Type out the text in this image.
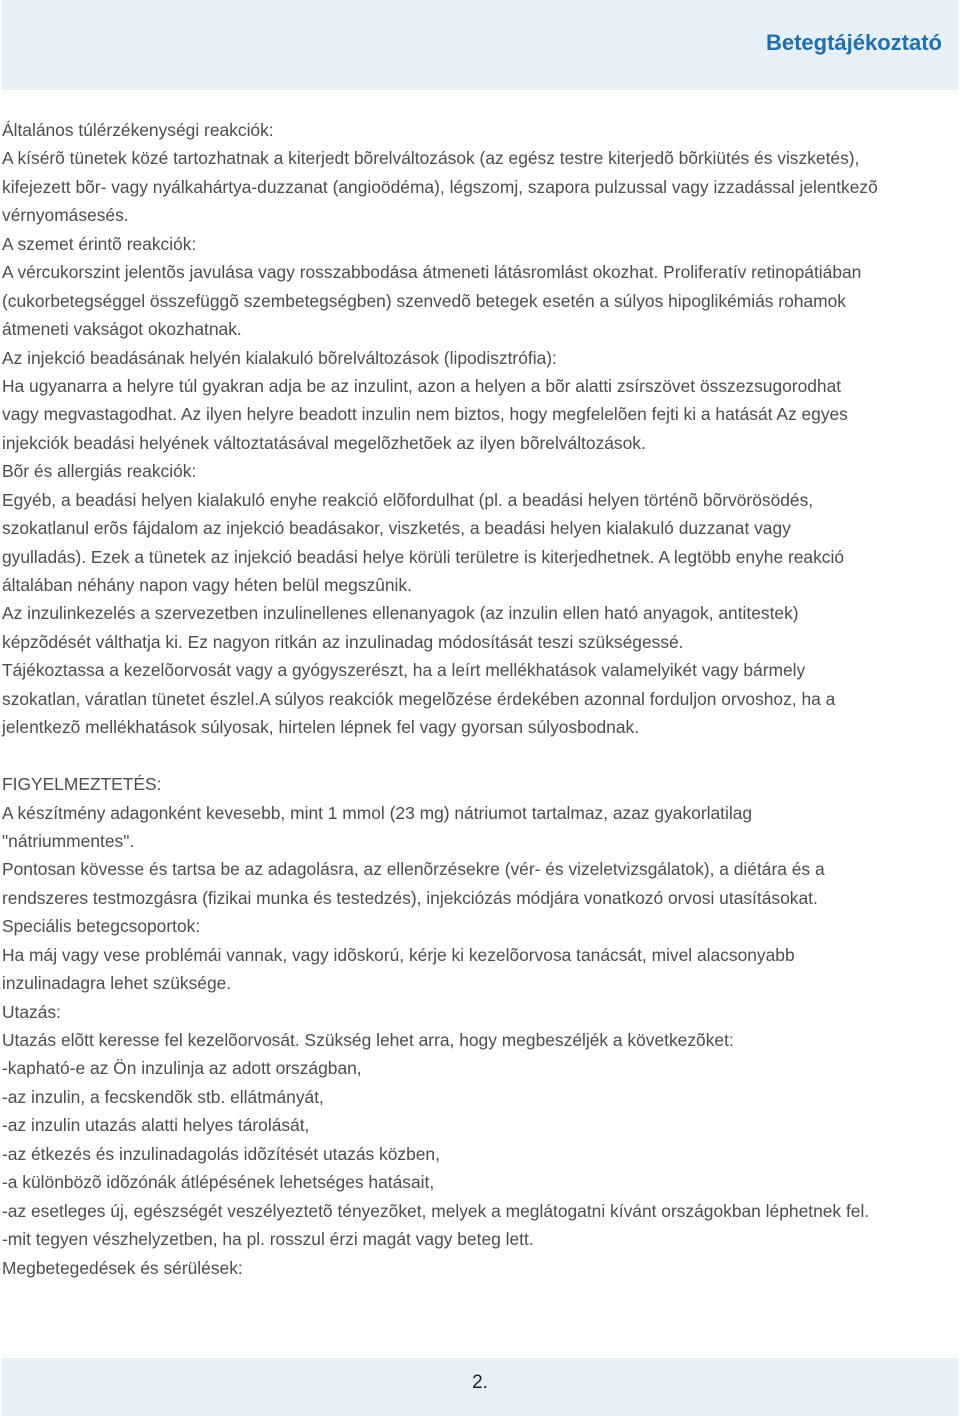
Betegtájékoztató
Általános túlérzékenységi reakciók:
A kísérõ tünetek közé tartozhatnak a kiterjedt bõrelváltozások (az egész testre kiterjedõ bõrkiütés és viszketés),
kifejezett bõr- vagy nyálkahártya-duzzanat (angioödéma), légszomj, szapora pulzussal vagy izzadással jelentkezõ
vérnyomásesés.
A szemet érintõ reakciók:
A vércukorszint jelentõs javulása vagy rosszabbodása átmeneti látásromlást okozhat. Proliferatív retinopátiában
(cukorbetegséggel összefüggõ szembetegségben) szenvedõ betegek esetén a súlyos hipoglikémiás rohamok
átmeneti vakságot okozhatnak.
Az injekció beadásának helyén kialakuló bõrelváltozások (lipodisztrófia):
Ha ugyanarra a helyre túl gyakran adja be az inzulint, azon a helyen a bõr alatti zsírszövet összezsugorodhat
vagy megvastagodhat. Az ilyen helyre beadott inzulin nem biztos, hogy megfelelõen fejti ki a hatását Az egyes
injekciók beadási helyének változtatásával megelõzhetõek az ilyen bõrelváltozások.
Bõr és allergiás reakciók:
Egyéb, a beadási helyen kialakuló enyhe reakció elõfordulhat (pl. a beadási helyen történõ bõrvörösödés,
szokatlanul erõs fájdalom az injekció beadásakor, viszketés, a beadási helyen kialakuló duzzanat vagy
gyulladás). Ezek a tünetek az injekció beadási helye körüli területre is kiterjedhetnek. A legtöbb enyhe reakció
általában néhány napon vagy héten belül megszûnik.
Az inzulinkezelés a szervezetben inzulinellenes ellenanyagok (az inzulin ellen ható anyagok, antitestek)
képzõdését válthatja ki. Ez nagyon ritkán az inzulinadag módosítását teszi szükségessé.
Tájékoztassa a kezelõorvosát vagy a gyógyszerészt, ha a leírt mellékhatások valamelyikét vagy bármely
szokatlan, váratlan tünetet észlel.A súlyos reakciók megelõzése érdekében azonnal forduljon orvoshoz, ha a
jelentkezõ mellékhatások súlyosak, hirtelen lépnek fel vagy gyorsan súlyosbodnak.
FIGYELMEZTETÉS:
A készítmény adagonként kevesebb, mint 1 mmol (23 mg) nátriumot tartalmaz, azaz gyakorlatilag
"nátriummentes".
Pontosan kövesse és tartsa be az adagolásra, az ellenõrzésekre (vér- és vizeletvizsgálatok), a diétára és a
rendszeres testmozgásra (fizikai munka és testedzés), injekciózás módjára vonatkozó orvosi utasításokat.
Speciális betegcsoportok:
Ha máj vagy vese problémái vannak, vagy idõskorú, kérje ki kezelõorvosa tanácsát, mivel alacsonyabb
inzulinadagra lehet szüksége.
Utazás:
Utazás elõtt keresse fel kezelõorvosát. Szükség lehet arra, hogy megbeszéljék a következõket:
-kapható-e az Ön inzulinja az adott országban,
-az inzulin, a fecskendõk stb. ellátmányát,
-az inzulin utazás alatti helyes tárolását,
-az étkezés és inzulinadagolás idõzítését utazás közben,
-a különbözõ idõzónák átlépésének lehetséges hatásait,
-az esetleges új, egészségét veszélyeztetõ tényezõket, melyek a meglátogatni kívánt országokban léphetnek fel.
-mit tegyen vészhelyzetben, ha pl. rosszul érzi magát vagy beteg lett.
Megbetegedések és sérülések:
2.
